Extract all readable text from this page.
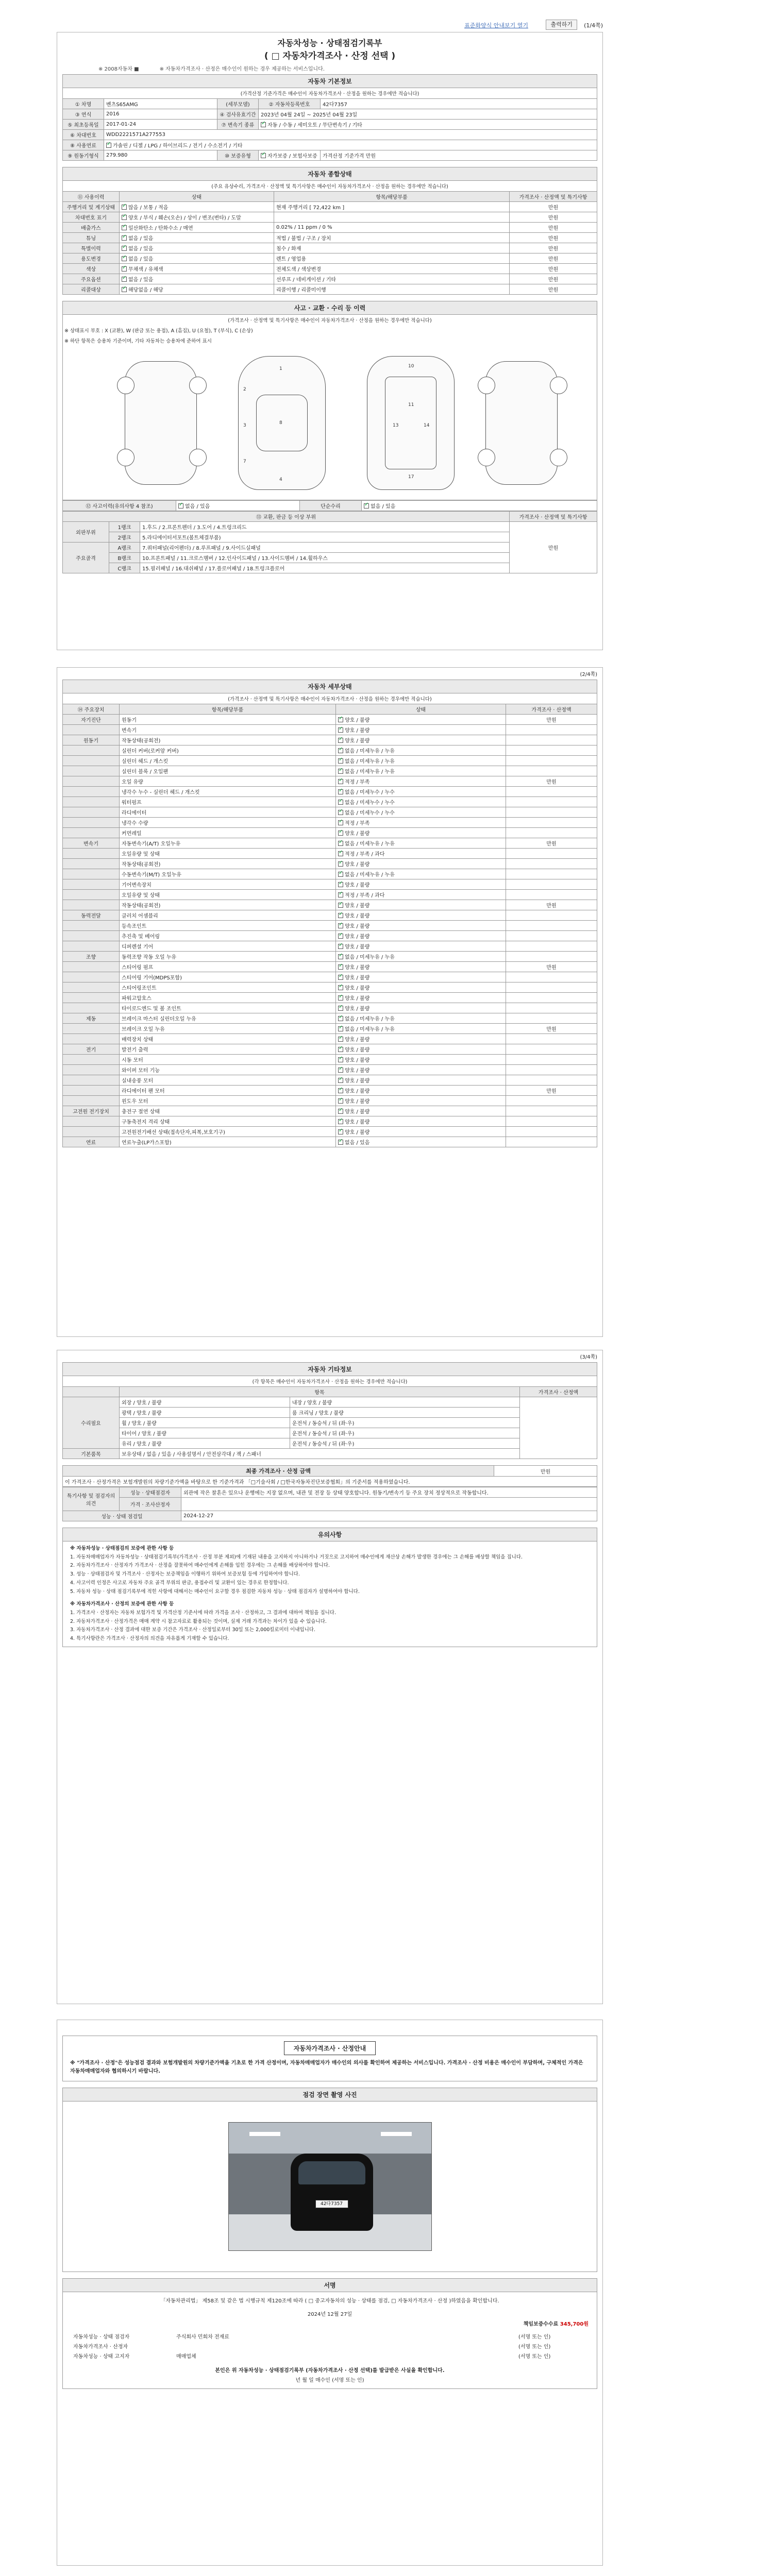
표준화양식 안내보기 열기	출력하기	(1/4쪽)
자동차성능 · 상태점검기록부
( □ 자동차가격조사 · 산정 선택 )
※ 2008자동차 ■	※ 자동차가격조사 · 산정은 매수인이 원하는 경우 제공하는 서비스입니다.
자동차 기본정보
(가격산정 기준가격은 매수인이 자동차가격조사 · 산정을 원하는 경우에만 적습니다)
① 차명	벤츠S65AMG	(세부모델)	② 자동차등록번호	42다7357
③ 연식	2016	④ 검사유효기간	2023년 04월 24일 ~ 2025년 04월 23일	
⑤ 최초등록일	2017-01-24	⑦ 변속기 종류	✓자동 / 수동 / 세미오토 / 무단변속기 / 기타
⑥ 차대번호	WDD2221571A277553			
⑧ 사용연료	✓가솔린 / 디젤 / LPG / 하이브리드 / 전기 / 수소전기 / 기타
⑨ 원동기형식	279.980	⑩ 보증유형	✓자가보증 / 보험사보증	가격산정 기준가격 만원
자동차 종합상태
(주요 유상수리, 가격조사 · 산정액 및 특기사항은 매수인이 자동차가격조사 · 산정을 원하는 경우에만 적습니다)
⑪ 사용이력	상태	항목/해당부품	가격조사 · 산정액 및 특기사항
주행거리 및 계기상태	✓많음 / 보통 / 적음	현재 주행거리 [ 72,422 km ]	만원
차대번호 표기	✓양호 / 부식 / 훼손(오손) / 상이 / 변조(변타) / 도말		만원
배출가스	✓일산화탄소 / 탄화수소 / 매연	0.02% / 11 ppm / 0 %	만원
튜닝	✓없음 / 있음	적법 / 불법 / 구조 / 장치	만원
특별이력	✓없음 / 있음	침수 / 화재	만원
용도변경	✓없음 / 있음	렌트 / 영업용	만원
색상	✓무채색 / 유채색	전체도색 / 색상변경	만원
주요옵션	✓없음 / 있음	선루프 / 네비게이션 / 기타	만원
리콜대상	✓해당없음 / 해당	리콜이행 / 리콜미이행	만원
사고 · 교환 · 수리 등 이력
(가격조사 · 산정액 및 특기사항은 매수인이 자동차가격조사 · 산정을 원하는 경우에만 적습니다)
※ 상태표시 부호 : X (교환), W (판금 또는 용접), A (흠집), U (요철), T (부식), C (손상)
※ 하단 항목은 승용차 기준이며, 기타 자동차는 승용차에 준하여 표시
1
2
3
4
7
8
10
11
13	14
17
⑫ 사고이력(유의사항 4 참조)	✓없음 / 있음	단순수리	✓없음 / 있음
⑬ 교환, 판금 등 이상 부위			가격조사 · 산정액 및 특기사항
외판부위	1랭크	1.후드 / 2.프론트펜더 / 3.도어 / 4.트렁크리드	만원
	2랭크	5.라디에이터서포트(볼트체결부품)	
주요골격	A랭크	7.쿼터패널(리어펜더) / 8.루프패널 / 9.사이드실패널	
	B랭크	10.프론트패널 / 11.크로스멤버 / 12.인사이드패널 / 13.사이드멤버 / 14.휠하우스	
	C랭크	15.필러패널 / 16.대쉬패널 / 17.플로어패널 / 18.트렁크플로어	
(2/4쪽)
자동차 세부상태
(가격조사 · 산정액 및 특기사항은 매수인이 자동차가격조사 · 산정을 원하는 경우에만 적습니다)
⑭ 주요장치	항목/해당부품	상태	가격조사 · 산정액
자기진단	원동기	✓양호 / 불량	만원
	변속기	✓양호 / 불량	
원동기	작동상태(공회전)	✓양호 / 불량	
	실린더 커버(로커암 커버)	✓없음 / 미세누유 / 누유	
	실린더 헤드 / 개스킷	✓없음 / 미세누유 / 누유	
	실린더 블록 / 오일팬	✓없음 / 미세누유 / 누유	
	오일 유량	✓적정 / 부족	만원
	냉각수 누수 - 실린더 헤드 / 개스킷	✓없음 / 미세누수 / 누수	
	워터펌프	✓없음 / 미세누수 / 누수	
	라디에이터	✓없음 / 미세누수 / 누수	
	냉각수 수량	✓적정 / 부족	
	커먼레일	✓양호 / 불량	
변속기	자동변속기(A/T) 오일누유	✓없음 / 미세누유 / 누유	만원
	오일유량 및 상태	✓적정 / 부족 / 과다	
	작동상태(공회전)	✓양호 / 불량	
	수동변속기(M/T) 오일누유	✓없음 / 미세누유 / 누유	
	기어변속장치	✓양호 / 불량	
	오일유량 및 상태	✓적정 / 부족 / 과다	
	작동상태(공회전)	✓양호 / 불량	만원
동력전달	클러치 어셈블리	✓양호 / 불량	
	등속조인트	✓양호 / 불량	
	추진축 및 베어링	✓양호 / 불량	
	디퍼렌셜 기어	✓양호 / 불량	
조향	동력조향 작동 오일 누유	✓없음 / 미세누유 / 누유	
	스티어링 펌프	✓양호 / 불량	만원
	스티어링 기어(MDPS포함)	✓양호 / 불량	
	스티어링조인트	✓양호 / 불량	
	파워고압호스	✓양호 / 불량	
	타이로드엔드 및 볼 조인트	✓양호 / 불량	
제동	브레이크 마스터 실린더오일 누유	✓없음 / 미세누유 / 누유	
	브레이크 오일 누유	✓없음 / 미세누유 / 누유	만원
	배력장치 상태	✓양호 / 불량	
전기	발전기 출력	✓양호 / 불량	
	시동 모터	✓양호 / 불량	
	와이퍼 모터 기능	✓양호 / 불량	
	실내송풍 모터	✓양호 / 불량	
	라디에이터 팬 모터	✓양호 / 불량	만원
	윈도우 모터	✓양호 / 불량	
고전원 전기장치	충전구 절연 상태	✓양호 / 불량	
	구동축전지 격리 상태	✓양호 / 불량	
	고전원전기배선 상태(접속단자,피복,보호기구)	✓양호 / 불량	
연료	연료누출(LP가스포함)	✓없음 / 있음	
(3/4쪽)
자동차 기타정보
(각 항목은 매수인이 자동차가격조사 · 산정을 원하는 경우에만 적습니다)
	항목		가격조사 · 산정액
수리필요	외장 / 양호 / 불량	내장 / 양호 / 불량	
	광택 / 양호 / 불량	룸 크리닝 / 양호 / 불량	
	휠 / 양호 / 불량	운전석 / 동승석 / 뒤 (좌·우)	
	타이어 / 양호 / 불량	운전석 / 동승석 / 뒤 (좌·우)	
	유리 / 양호 / 불량	운전석 / 동승석 / 뒤 (좌·우)	
기본품목	보유상태 / 없음 / 있음 / 사용설명서 / 안전삼각대 / 잭 / 스패너		
최종 가격조사 · 산정 금액	만원
이 가격조사 · 산정가격은 보험개발원의 차량기준가액을 바탕으로 한 기준가격과 「□기술사회 / □한국자동차진단보증협회」의 기준서를 적용하였습니다.
특기사항 및 점검자의 의견	성능 · 상태점검자	외관에 작은 찰흔은 있으나 운행에는 지장 없으며, 내관 및 전장 등 상태 양호합니다. 원동기/변속기 등 주요 장치 정상적으로 작동합니다.
	가격 · 조사산정자	
성능 · 상태 점검일		2024-12-27
유의사항

※ 자동차성능 · 상태점검의 보증에 관한 사항 등

1. 자동차매매업자가 자동차성능 · 상태점검기록부(가격조사 · 산정 부분 제외)에 기재된 내용을 고지하지 아니하거나 거짓으로 고지하여 매수인에게 재산상 손해가 발생한 경우에는 그 손해를 배상할 책임을 집니다.

2. 자동차가격조사 · 산정자가 가격조사 · 산정을 잘못하여 매수인에게 손해를 입힌 경우에는 그 손해를 배상하여야 합니다.

3. 성능 · 상태점검자 및 가격조사 · 산정자는 보증책임을 이행하기 위하여 보증보험 등에 가입하여야 합니다.

4. 사고이력 인정은 사고로 자동차 주요 골격 부위의 판금, 용접수리 및 교환이 있는 경우로 한정합니다.

5. 자동차 성능 · 상태 점검기록부에 적힌 사항에 대해서는 매수인이 요구할 경우 점검한 자동차 성능 · 상태 점검자가 설명하여야 합니다.

※ 자동차가격조사 · 산정의 보증에 관한 사항 등

1. 가격조사 · 산정자는 자동차 보험가격 및 가격산정 기준서에 따라 가격을 조사 · 산정하고, 그 결과에 대하여 책임을 집니다.

2. 자동차가격조사 · 산정가격은 매매 계약 시 참고자료로 활용되는 것이며, 실제 거래 가격과는 차이가 있을 수 있습니다.

3. 자동차가격조사 · 산정 결과에 대한 보증 기간은 가격조사 · 산정일로부터 30일 또는 2,000킬로미터 이내입니다.

4. 특기사항란은 가격조사 · 산정자의 의견을 자유롭게 기재할 수 있습니다.

자동차가격조사 · 산정안내

※ "가격조사 · 산정"은 성능점검 결과와 보험개발원의 차량기준가액을 기초로 한 가격 산정이며, 자동차매매업자가 매수인의 의사를 확인하여 제공하는 서비스입니다. 가격조사 · 산정 비용은 매수인이 부담하며, 구체적인 가격은 자동차매매업자와 협의하시기 바랍니다.

점검 장면 촬영 사진
42다7357
서명

「자동차관리법」 제58조 및 같은 법 시행규칙 제120조에 따라 ( □ 중고자동차의 성능 · 상태를 점검, □ 자동차가격조사 · 산정 )하였음을 확인합니다.

2024년 12월 27일

책임보증수수료 345,700원
자동차성능 · 상태 점검자	주식회사 민회차 전재료	(서명 또는 인)
자동차가격조사 · 산정자		(서명 또는 인)
자동차성능 · 상태 고지자	매매업체	(서명 또는 인)

본인은 위 자동차성능 · 상태점검기록부 (자동차가격조사 · 산정 선택)를 발급받은 사실을 확인합니다.

년 월 일 매수인 (서명 또는 인)
